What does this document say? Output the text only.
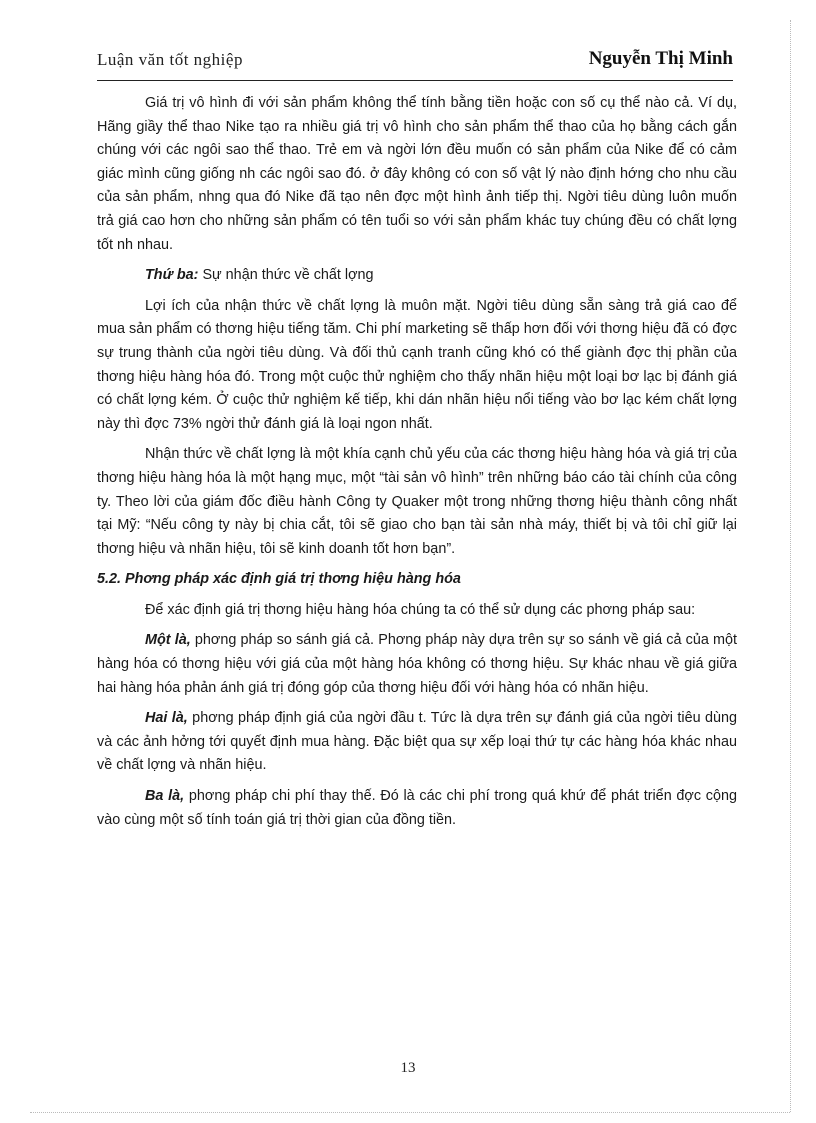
Luận văn tốt nghiệp	Nguyễn Thị Minh

Giá trị vô hình đi với sản phẩm không thể tính bằng tiền hoặc con số cụ thể nào cả. Ví dụ, Hãng giầy thể thao Nike tạo ra nhiều giá trị vô hình cho sản phẩm thể thao của họ bằng cách gắn chúng với các ngôi sao thể thao. Trẻ em và ngời lớn đều muốn có sản phẩm của Nike để có cảm giác mình cũng giống nh các ngôi sao đó. ở đây không có con số vật lý nào định hớng cho nhu cầu của sản phẩm, nhng qua đó Nike đã tạo nên đợc một hình ảnh tiếp thị. Ngời tiêu dùng luôn muốn trả giá cao hơn cho những sản phẩm có tên tuổi so với sản phẩm khác tuy chúng đều có chất lợng tốt nh nhau.

Thứ ba: Sự nhận thức về chất lợng

Lợi ích của nhận thức về chất lợng là muôn mặt. Ngời tiêu dùng sẵn sàng trả giá cao để mua sản phẩm có thơng hiệu tiếng tăm. Chi phí marketing sẽ thấp hơn đối với thơng hiệu đã có đợc sự trung thành của ngời tiêu dùng. Và đối thủ cạnh tranh cũng khó có thể giành đợc thị phần của thơng hiệu hàng hóa đó. Trong một cuộc thử nghiệm cho thấy nhãn hiệu một loại bơ lạc bị đánh giá có chất lợng kém. Ở cuộc thử nghiệm kế tiếp, khi dán nhãn hiệu nổi tiếng vào bơ lạc kém chất lợng này thì đợc 73% ngời thử đánh giá là loại ngon nhất.

Nhận thức về chất lợng là một khía cạnh chủ yếu của các thơng hiệu hàng hóa và giá trị của thơng hiệu hàng hóa là một hạng mục, một “tài sản vô hình” trên những báo cáo tài chính của công ty. Theo lời của giám đốc điều hành Công ty Quaker một trong những thơng hiệu thành công nhất tại Mỹ: “Nếu công ty này bị chia cắt, tôi sẽ giao cho bạn tài sản nhà máy, thiết bị và tôi chỉ giữ lại thơng hiệu và nhãn hiệu, tôi sẽ kinh doanh tốt hơn bạn”.

5.2. Phơng pháp xác định giá trị thơng hiệu hàng hóa

Để xác định giá trị thơng hiệu hàng hóa chúng ta có thể sử dụng các phơng pháp sau:

Một là, phơng pháp so sánh giá cả. Phơng pháp này dựa trên sự so sánh về giá cả của một hàng hóa có thơng hiệu với giá của một hàng hóa không có thơng hiệu. Sự khác nhau về giá giữa hai hàng hóa phản ánh giá trị đóng góp của thơng hiệu đối với hàng hóa có nhãn hiệu.

Hai là, phơng pháp định giá của ngời đầu t. Tức là dựa trên sự đánh giá của ngời tiêu dùng và các ảnh hởng tới quyết định mua hàng. Đặc biệt qua sự xếp loại thứ tự các hàng hóa khác nhau về chất lợng và nhãn hiệu.

Ba là, phơng pháp chi phí thay thế. Đó là các chi phí trong quá khứ để phát triển đợc cộng vào cùng một số tính toán giá trị thời gian của đồng tiền.

13
